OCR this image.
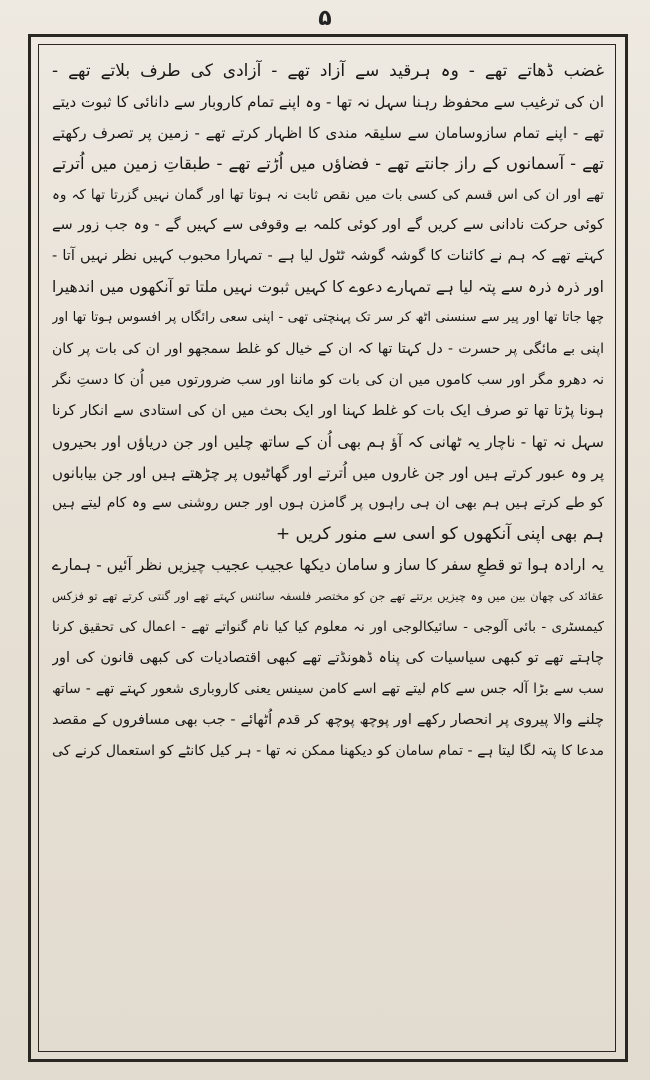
۵
غضب ڈھاتے تھے - وہ ہرقید سے آزاد تھے - آزادی کی طرف بلاتے تھے -
ان کی ترغیب سے محفوظ رہنا سہل نہ تھا - وہ اپنے تمام کاروبار سے دانائی کا ثبوت دیتے
تھے - اپنے تمام سازوسامان سے سلیقہ مندی کا اظہار کرتے تھے - زمین پر تصرف رکھتے
تھے - آسمانوں کے راز جانتے تھے - فضاؤں میں اُڑتے تھے - طبقاتِ زمین میں اُترتے
تھے اور ان کی اس قسم کی کسی بات میں نقص ثابت نہ ہوتا تھا اور گمان نہیں گزرتا تھا کہ وہ
کوئی حرکت نادانی سے کریں گے اور کوئی کلمہ بے وقوفی سے کہیں گے - وہ جب زور سے
کہتے تھے کہ ہم نے کائنات کا گوشہ گوشہ ٹٹول لیا ہے - تمہارا محبوب کہیں نظر نہیں آتا -
اور ذرہ ذرہ سے پتہ لیا ہے تمہارے دعوے کا کہیں ثبوت نہیں ملتا تو آنکھوں میں اندھیرا
چھا جاتا تھا اور پیر سے سنسنی اٹھ کر سر تک پہنچتی تھی - اپنی سعی رائگاں پر افسوس ہوتا تھا اور
اپنی بے مائگی پر حسرت - دل کہتا تھا کہ ان کے خیال کو غلط سمجھو اور ان کی بات پر کان
نہ دھرو مگر اور سب کاموں میں ان کی بات کو ماننا اور سب ضرورتوں میں اُن کا دستِ نگر
ہونا پڑتا تھا تو صرف ایک بات کو غلط کہنا اور ایک بحث میں ان کی استادی سے انکار کرنا
سہل نہ تھا - ناچار یہ ٹھانی کہ آؤ ہم بھی اُن کے ساتھ چلیں اور جن دریاؤں اور بحیروں
پر وہ عبور کرتے ہیں اور جن غاروں میں اُترتے اور گھاٹیوں پر چڑھتے ہیں اور جن بیابانوں
کو طے کرتے ہیں ہم بھی ان ہی راہوں پر گامزن ہوں اور جس روشنی سے وہ کام لیتے ہیں
ہم بھی اپنی آنکھوں کو اسی سے منور کریں +
یہ ارادہ ہوا تو قطعِ سفر کا ساز و سامان دیکھا عجیب عجیب چیزیں نظر آئیں - ہمارے
عقائد کی چھان بین میں وہ چیزیں برتتے تھے جن کو مختصر فلسفہ سائنس کہتے تھے اور گنتی کرتے تھے تو فزکس
کیمسٹری - بائی آلوجی - سائیکالوجی اور نہ معلوم کیا کیا نام گنواتے تھے - اعمال کی تحقیق کرنا
چاہتے تھے تو کبھی سیاسیات کی پناہ ڈھونڈتے تھے کبھی اقتصادیات کی کبھی قانون کی اور
سب سے بڑا آلہ جس سے کام لیتے تھے اسے کامن سینس یعنی کاروباری شعور کہتے تھے - ساتھ
چلنے والا پیروی پر انحصار رکھے اور پوچھ پوچھ کر قدم اُٹھائے - جب بھی مسافروں کے مقصد
مدعا کا پتہ لگا لیتا ہے - تمام سامان کو دیکھنا ممکن نہ تھا - ہر کیل کانٹے کو استعمال کرنے کی
